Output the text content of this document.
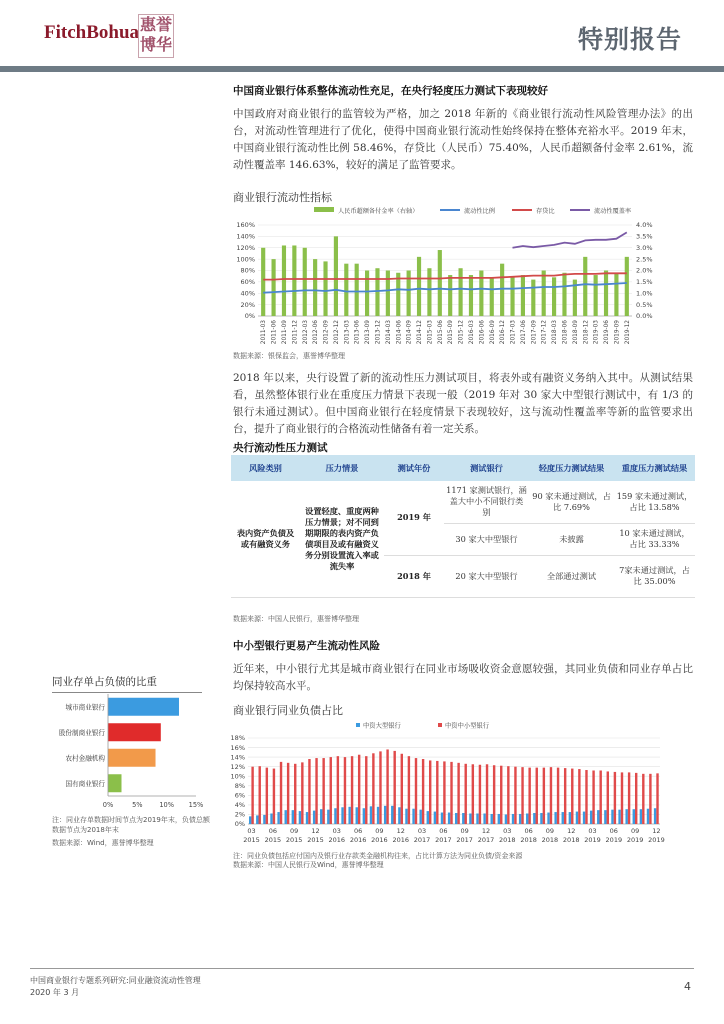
FitchBohua 惠誉
博华	特别报告
中国商业银行体系整体流动性充足，在央行轻度压力测试下表现较好
中国政府对商业银行的监管较为严格，加之 2018 年新的《商业银行流动性风险管理办法》的出台，对流动性管理进行了优化，使得中国商业银行流动性始终保持在整体充裕水平。2019 年末，中国商业银行流动性比例 58.46%，存贷比（人民币）75.40%，人民币超额备付金率 2.61%，流动性覆盖率 146.63%，较好的满足了监管要求。
商业银行流动性指标
人民币超额备付金率（右轴）	流动性比例	存贷比	流动性覆盖率
0%
20%
40%
60%
80%
100%
120%
140%
160%
0.0%
0.5%
1.0%
1.5%
2.0%
2.5%
3.0%
3.5%
4.0%
2011-03 2011-06 2011-09 2011-12 2012-03 2012-06 2012-09 2012-12 2013-03 2013-06 2013-09 2013-12 2014-03 2014-06 2014-09 2014-12 2015-03 2015-06 2015-09 2015-12 2016-03 2016-06 2016-09 2016-12 2017-03 2017-06 2017-09 2017-12 2018-03 2018-06 2018-09 2018-12 2019-03 2019-06 2019-09 2019-12
数据来源：银保监会，惠誉博华整理
2018 年以来，央行设置了新的流动性压力测试项目，将表外或有融资义务纳入其中。从测试结果看，虽然整体银行业在重度压力情景下表现一般（2019 年对 30 家大中型银行测试中，有 1/3 的银行未通过测试）。但中国商业银行在轻度情景下表现较好，这与流动性覆盖率等新的监管要求出台，提升了商业银行的合格流动性储备有着一定关系。
央行流动性压力测试
风险类别	压力情景	测试年份	测试银行	轻度压力测试结果	重度压力测试结果
表内资产负债及或有融资义务	设置轻度、重度两种压力情景；对不同到期期限的表内资产负债项目及或有融资义务分别设置流入率或流失率	2019 年	1171 家测试银行，涵盖大中小不同银行类别	90 家未通过测试，占比 7.69%	159 家未通过测试，占比 13.58%
			30 家大中型银行	未披露	10 家未通过测试，占比 33.33%
		2018 年	20 家大中型银行	全部通过测试	7家未通过测试，占比 35.00%
数据来源：中国人民银行，惠誉博华整理
中小型银行更易产生流动性风险
近年来，中小银行尤其是城市商业银行在同业市场吸收资金意愿较强，其同业负债和同业存单占比均保持较高水平。
同业存单占负债的比重
城市商业银行
股份制商业银行
农村金融机构
国有商业银行
0%	5%	10% 15%
注：同业存单数据时间节点为2019年末，负债总额数据节点为2018年末
数据来源：Wind，惠誉博华整理
商业银行同业负债占比
中资大型银行	中资中小型银行
0%
2%
4%
6%
8%
10%
12%
14%
16%
18%
03
2015
06
2015
09
2015
12
2015
03
2016
06
2016
09
2016
12
2016
03
2017
06
2017
09
2017
12
2017
03
2018
06
2018
09
2018
12
2018
03
2019
06
2019
09
2019
12
2019
注：同业负债包括应付国内及银行业存款类金融机构往来，占比计算方法为同业负债/资金来源
数据来源：中国人民银行及Wind，惠誉博华整理
中国商业银行专题系列研究:同业融资流动性管理
2020 年 3 月	4
